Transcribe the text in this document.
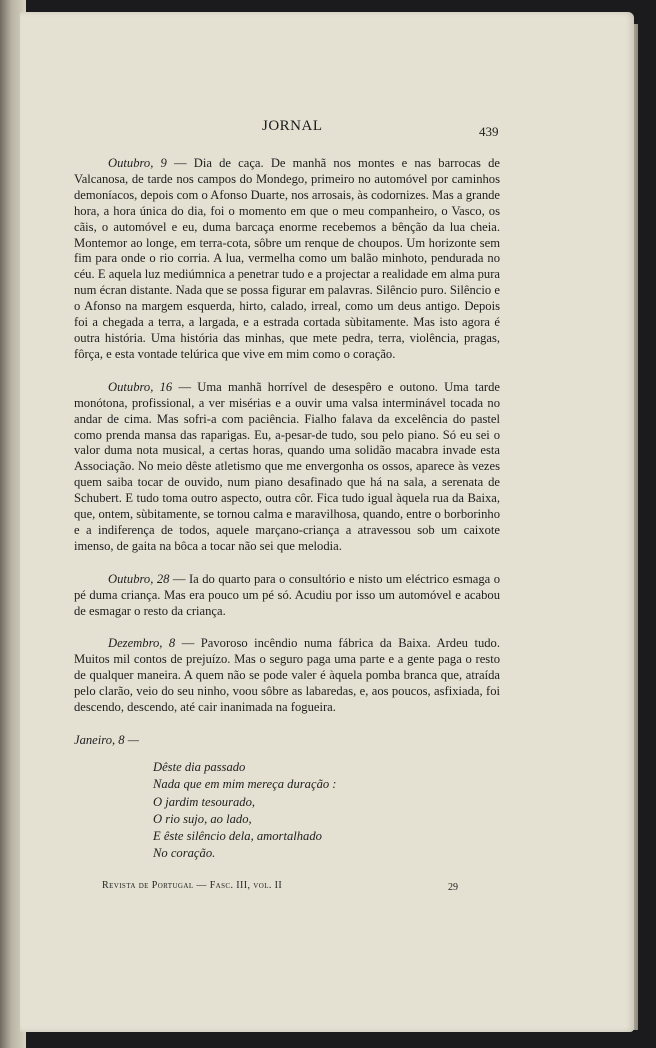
JORNAL	439

Outubro, 9 — Dia de caça. De manhã nos montes e nas barrocas de Valcanosa, de tarde nos campos do Mondego, primeiro no automóvel por caminhos demoníacos, depois com o Afonso Duarte, nos arrosais, às codornizes. Mas a grande hora, a hora única do dia, foi o momento em que o meu companheiro, o Vasco, os cãis, o automóvel e eu, duma barcaça enorme recebemos a bênção da lua cheia. Montemor ao longe, em terra-cota, sôbre um renque de choupos. Um horizonte sem fim para onde o rio corria. A lua, vermelha como um balão minhoto, pendurada no céu. E aquela luz mediúmnica a penetrar tudo e a projectar a realidade em alma pura num écran distante. Nada que se possa figurar em palavras. Silêncio puro. Silêncio e o Afonso na margem esquerda, hirto, calado, irreal, como um deus antigo. Depois foi a chegada a terra, a largada, e a estrada cortada sùbitamente. Mas isto agora é outra história. Uma história das minhas, que mete pedra, terra, violência, pragas, fôrça, e esta vontade telúrica que vive em mim como o coração.

Outubro, 16 — Uma manhã horrível de desespêro e outono. Uma tarde monótona, profissional, a ver misérias e a ouvir uma valsa interminável tocada no andar de cima. Mas sofri-a com paciência. Fialho falava da excelência do pastel como prenda mansa das raparigas. Eu, a-pesar-de tudo, sou pelo piano. Só eu sei o valor duma nota musical, a certas horas, quando uma solidão macabra invade esta Associação. No meio dêste atletismo que me envergonha os ossos, aparece às vezes quem saiba tocar de ouvido, num piano desafinado que há na sala, a serenata de Schubert. E tudo toma outro aspecto, outra côr. Fica tudo igual àquela rua da Baixa, que, ontem, sùbitamente, se tornou calma e maravilhosa, quando, entre o borborinho e a indiferença de todos, aquele marçano-criança a atravessou sob um caixote imenso, de gaita na bôca a tocar não sei que melodia.

Outubro, 28 — Ia do quarto para o consultório e nisto um eléctrico esmaga o pé duma criança. Mas era pouco um pé só. Acudiu por isso um automóvel e acabou de esmagar o resto da criança.

Dezembro, 8 — Pavoroso incêndio numa fábrica da Baixa. Ardeu tudo. Muitos mil contos de prejuízo. Mas o seguro paga uma parte e a gente paga o resto de qualquer maneira. A quem não se pode valer é àquela pomba branca que, atraída pelo clarão, veio do seu ninho, voou sôbre as labaredas, e, aos poucos, asfixiada, foi descendo, descendo, até cair inanimada na fogueira.

Janeiro, 8 —
Dêste dia passado
Nada que em mim mereça duração :
O jardim tesourado,
O rio sujo, ao lado,
E êste silêncio dela, amortalhado
No coração.
Revista de Portugal — Fasc. III, vol. II	29
